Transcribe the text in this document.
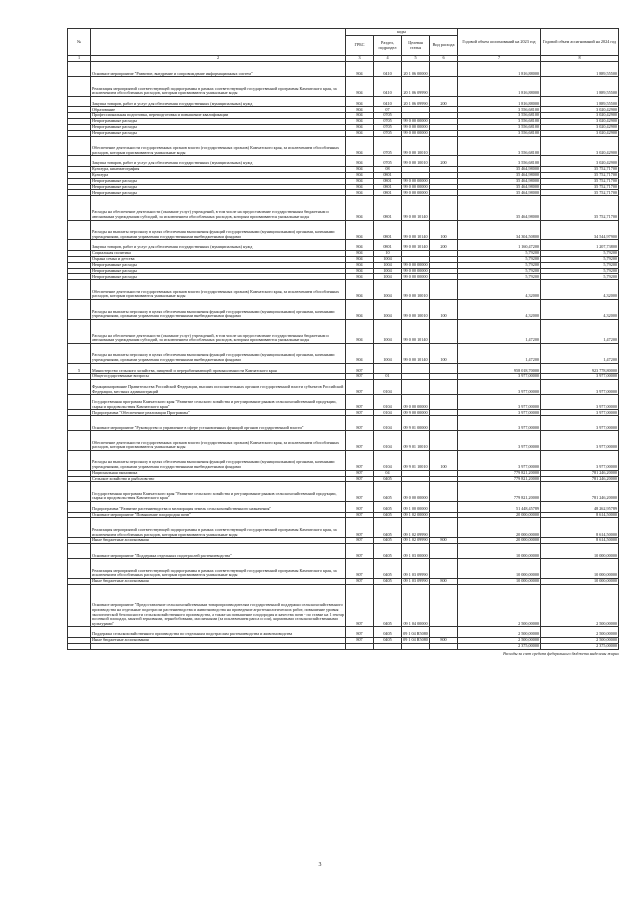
№		коды				Годовой объем ассигнований на 2023 год	Годовой объем ассигнований на 2024 год
		ГРБС	Раздел, подраздел	Целевая статья	Вид расхода		
1	2	3	4	5	6	7	8
	Основное мероприятие "Развитие, внедрение и сопровождение информационных систем"	804	0410	20 1 06 00000		1 816,88000	1 889,55500
	Реализация мероприятий соответствующей подпрограммы в рамках соответствующей государственной программы Камчатского края, за исключением обособленных расходов, которым присваиваются уникальные коды	804	0410	20 1 06 09990		1 816,88000	1 889,55500
	Закупка товаров, работ и услуг для обеспечения государственных (муниципальных) нужд	804	0410	20 1 06 09990	200	1 816,88000	1 889,55500
	Образование	804	07			3 556,68100	3 020,42900
	Профессиональная подготовка, переподготовка и повышение квалификации	804	0705			3 556,68100	3 020,42900
	Непрограммные расходы	804	0705	99 0 00 00000		3 556,68100	3 020,42900
	Непрограммные расходы	804	0705	99 0 00 00000		3 556,68100	3 020,42900
	Непрограммные расходы	804	0705	99 0 00 00000		3 556,68100	3 020,42900
	Обеспечение деятельности государственных органов власти (государственных органов) Камчатского края, за исключением обособленных расходов, которым присваиваются уникальные коды	804	0705	99 0 00 10010		3 556,68100	3 020,42900
	Закупка товаров, работ и услуг для обеспечения государственных (муниципальных) нужд	804	0705	99 0 00 10010	200	3 556,68100	3 020,42900
	Культура, кинематография	804	08			35 464,98000	35 752,71700
	Культура	804	0801			35 464,98000	35 752,71700
	Непрограммные расходы	804	0801	99 0 00 00000		35 464,98000	35 752,71700
	Непрограммные расходы	804	0801	99 0 00 00000		35 464,98000	35 752,71700
	Непрограммные расходы	804	0801	99 0 00 00000		35 464,98000	35 752,71700
	Расходы на обеспечение деятельности (оказание услуг) учреждений, в том числе на предоставление государственным бюджетным и автономным учреждениям субсидий, за исключением обособленных расходов, которым присваиваются уникальные коды	804	0801	99 0 00 10140		35 464,98000	35 752,71700
	Расходы на выплаты персоналу в целях обеспечения выполнения функций государственными (муниципальными) органами, казенными учреждениями, органами управления государственными внебюджетными фондами	804	0801	99 0 00 10140	100	34 304,50800	34 544,97900
	Закупка товаров, работ и услуг для обеспечения государственных (муниципальных) нужд	804	0801	99 0 00 10140	200	1 160,47200	1 207,73800
	Социальная политика	804	10			5,79200	5,79200
	Охрана семьи и детства	804	1004			5,79200	5,79200
	Непрограммные расходы	804	1004	99 0 00 00000		5,79200	5,79200
	Непрограммные расходы	804	1004	99 0 00 00000		5,79200	5,79200
	Непрограммные расходы	804	1004	99 0 00 00000		5,79200	5,79200
	Обеспечение деятельности государственных органов власти (государственных органов) Камчатского края, за исключением обособленных расходов, которым присваиваются уникальные коды	804	1004	99 0 00 10010		4,32000	4,32000
	Расходы на выплаты персоналу в целях обеспечения выполнения функций государственными (муниципальными) органами, казенными учреждениями, органами управления государственными внебюджетными фондами	804	1004	99 0 00 10010	100	4,32000	4,32000
	Расходы на обеспечение деятельности (оказание услуг) учреждений, в том числе на предоставление государственным бюджетным и автономным учреждениям субсидий, за исключением обособленных расходов, которым присваиваются уникальные коды	804	1004	99 0 00 10140		1,47200	1,47200
	Расходы на выплаты персоналу в целях обеспечения выполнения функций государственными (муниципальными) органами, казенными учреждениями, органами управления государственными внебюджетными фондами	804	1004	99 0 00 10140	100	1,47200	1,47200
5	Министерство сельского хозяйства, пищевой и перерабатывающей промышленности Камчатского края	807				958 018,70000	923 778,80000
	Общегосударственные вопросы	807	01			3 977,00000	3 977,00000
	Функционирование Правительства Российской Федерации, высших исполнительных органов государственной власти субъектов Российской Федерации, местных администраций	807	0104			3 977,00000	3 977,00000
	Государственная программа Камчатского края "Развитие сельского хозяйства и регулирование рынков сельскохозяйственной продукции, сырья и продовольствия Камчатского края"	807	0104	09 0 00 00000		3 977,00000	3 977,00000
	Подпрограмма "Обеспечение реализации Программы"	807	0104	09 9 00 00000		3 977,00000	3 977,00000
	Основное мероприятие "Руководство и управление в сфере установленных функций органов государственной власти"	807	0104	09 9 01 00000		3 977,00000	3 977,00000
	Обеспечение деятельности государственных органов власти (государственных органов) Камчатского края, за исключением обособленных расходов, которым присваиваются уникальные коды	807	0104	09 9 01 10010		3 977,00000	3 977,00000
	Расходы на выплаты персоналу в целях обеспечения выполнения функций государственными (муниципальными) органами, казенными учреждениями, органами управления государственными внебюджетными фондами	807	0104	09 9 01 10010	100	3 977,00000	3 977,00000
	Национальная экономика	807	04			779 821,20000	781 246,20000
	Сельское хозяйство и рыболовство	807	0405			779 821,20000	781 246,20000
	Государственная программа Камчатского края "Развитие сельского хозяйства и регулирование рынков сельскохозяйственной продукции, сырья и продовольствия Камчатского края"	807	0405	09 0 00 00000		779 821,20000	781 246,20000
	Подпрограмма "Развитие растениеводства и мелиорация земель сельскохозяйственного назначения"	807	0405	09 1 00 00000		51 448,45789	48 262,95789
	Основное мероприятие "Повышение плодородия почв"	807	0405	09 1 02 00000		20 000,00000	8 614,50000
	Реализация мероприятий соответствующей подпрограммы в рамках соответствующей государственной программы Камчатского края, за исключением обособленных расходов, которым присваиваются уникальные коды	807	0405	09 1 02 09990		20 000,00000	8 614,50000
	Иные бюджетные ассигнования	807	0405	09 1 02 09990	800	20 000,00000	8 614,50000
	Основное мероприятие "Поддержка отдельных подотраслей растениеводства"	807	0405	09 1 03 00000		10 000,00000	10 000,00000
	Реализация мероприятий соответствующей подпрограммы в рамках соответствующей государственной программы Камчатского края, за исключением обособленных расходов, которым присваиваются уникальные коды	807	0405	09 1 03 09990		10 000,00000	10 000,00000
	Иные бюджетные ассигнования	807	0405	09 1 03 09990	800	10 000,00000	10 000,00000
	Основное мероприятие "Предоставление сельскохозяйственным товаропроизводителям государственной поддержки сельскохозяйственного производства на отдельные подотрасли растениеводства и животноводства на проведение агротехнологических работ, повышение уровня экологической безопасности сельскохозяйственного производства, а также на повышение плодородия и качества почв - по ставке на 1 гектар посевной площади, занятой зерновыми, зернобобовыми, масличными (за исключением рапса и сои), кормовыми сельскохозяйственными культурами"	807	0405	09 1 04 00000		2 500,00000	2 500,00000
	Поддержка сельскохозяйственного производства по отдельным подотраслям растениеводства и животноводства	807	0405	09 1 04 R5080		2 500,00000	2 500,00000
	Иные бюджетные ассигнования	807	0405	09 1 04 R5080	800	2 500,00000	2 500,00000
						2 375,00000	2 375,00000
Расходы за счет средств федерального бюджета выделены жирно
3
